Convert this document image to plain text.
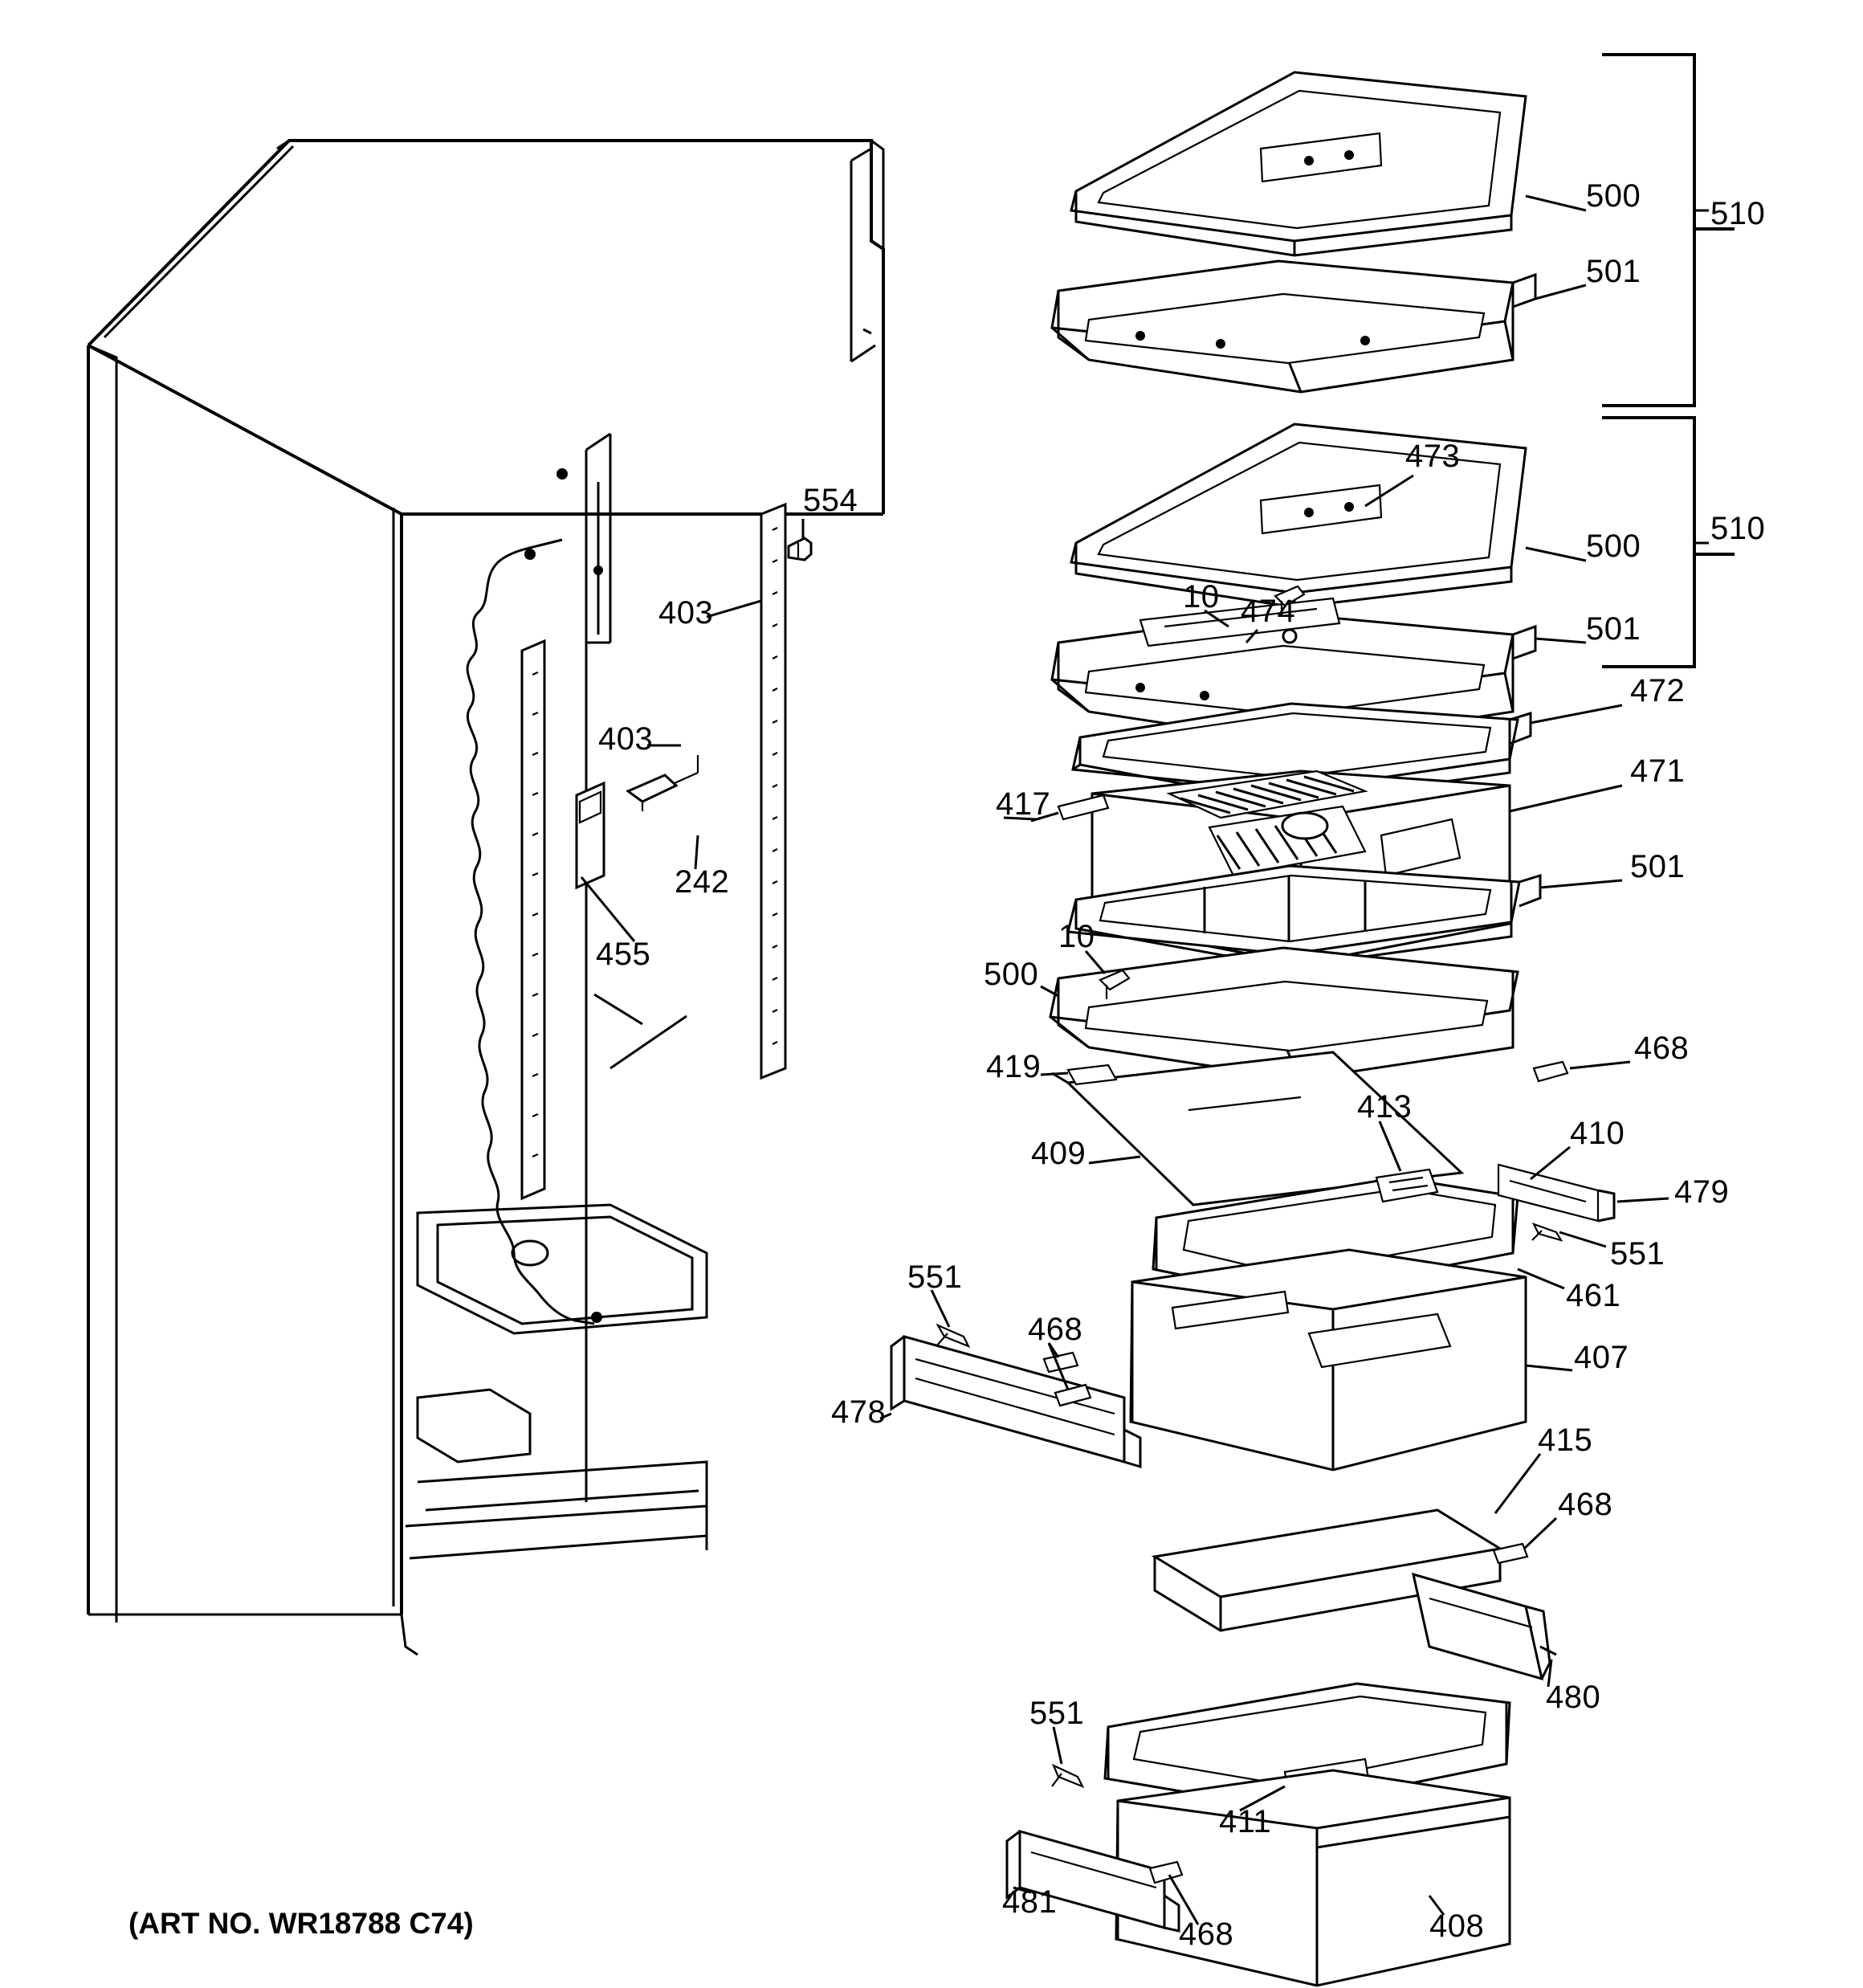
500 510
501
473
510
500
10 474	501
554
403
472
471
417
403
242
455
501
10
500
419
409
413
468
410
479
551
461
551
468
407
478
415
468
480
551
411
481
468	408
(ART NO. WR18788 C74)
